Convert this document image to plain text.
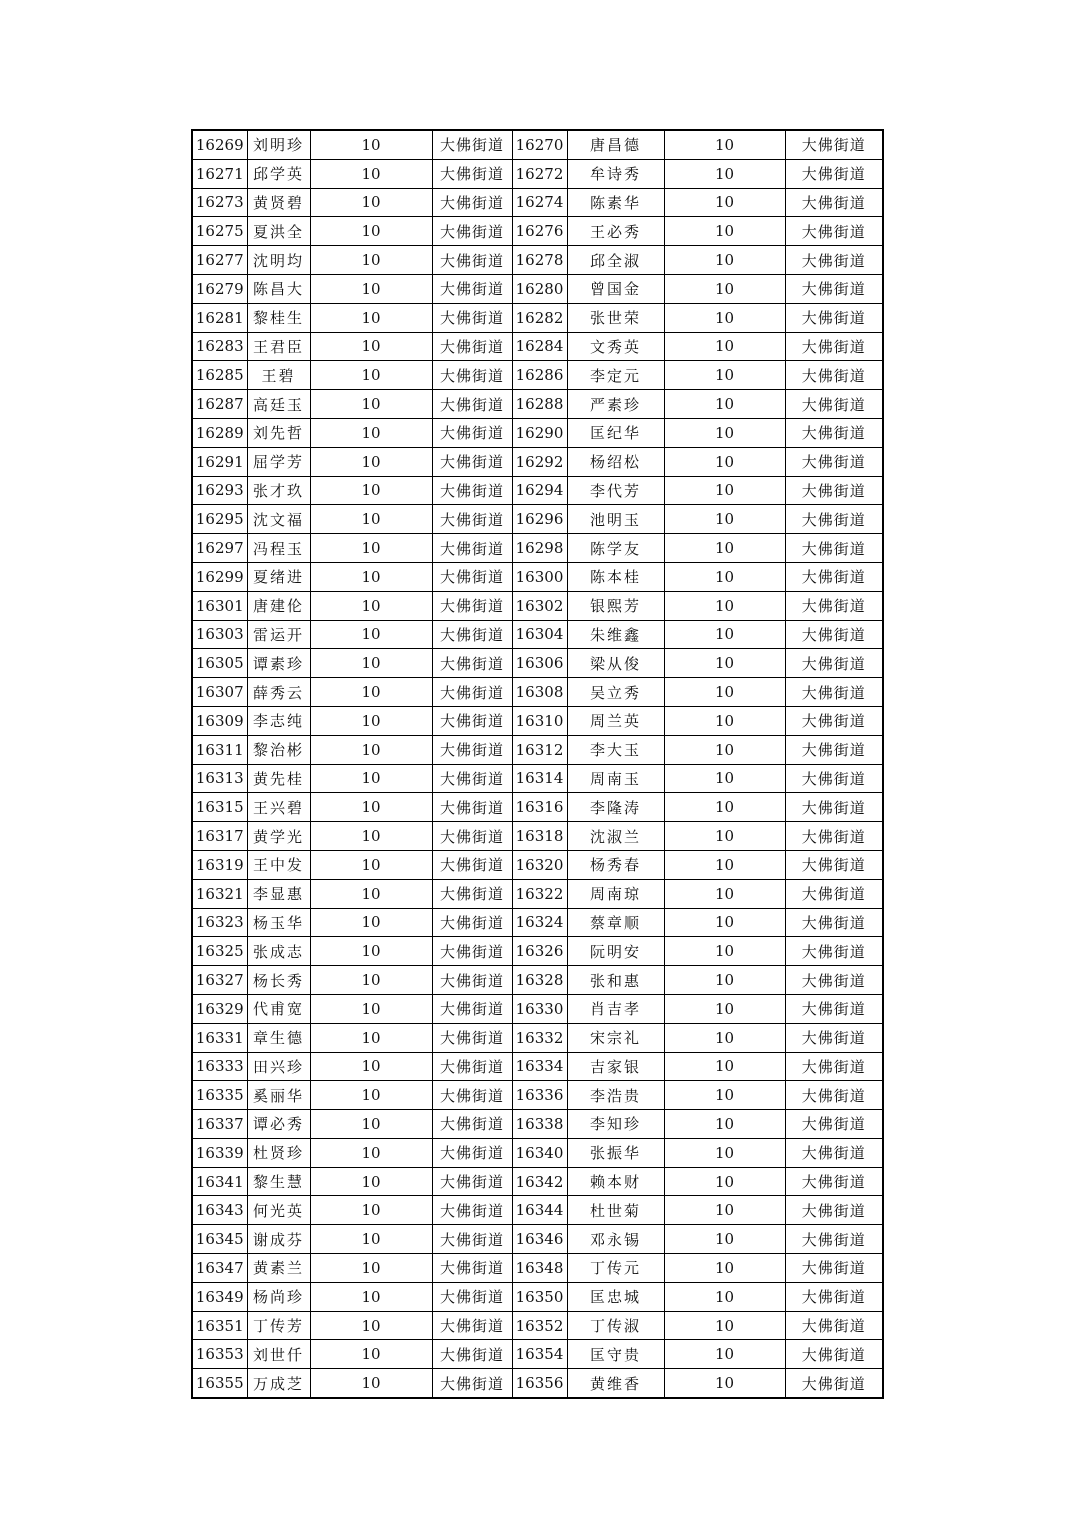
16269	刘明珍	10	大佛街道	16270	唐昌德	10	大佛街道
16271	邱学英	10	大佛街道	16272	牟诗秀	10	大佛街道
16273	黄贤碧	10	大佛街道	16274	陈素华	10	大佛街道
16275	夏洪全	10	大佛街道	16276	王必秀	10	大佛街道
16277	沈明均	10	大佛街道	16278	邱全淑	10	大佛街道
16279	陈昌大	10	大佛街道	16280	曾国金	10	大佛街道
16281	黎桂生	10	大佛街道	16282	张世荣	10	大佛街道
16283	王君臣	10	大佛街道	16284	文秀英	10	大佛街道
16285	王碧	10	大佛街道	16286	李定元	10	大佛街道
16287	高廷玉	10	大佛街道	16288	严素珍	10	大佛街道
16289	刘先哲	10	大佛街道	16290	匡纪华	10	大佛街道
16291	屈学芳	10	大佛街道	16292	杨绍松	10	大佛街道
16293	张才玖	10	大佛街道	16294	李代芳	10	大佛街道
16295	沈文福	10	大佛街道	16296	池明玉	10	大佛街道
16297	冯程玉	10	大佛街道	16298	陈学友	10	大佛街道
16299	夏绪进	10	大佛街道	16300	陈本桂	10	大佛街道
16301	唐建伦	10	大佛街道	16302	银熙芳	10	大佛街道
16303	雷运开	10	大佛街道	16304	朱维鑫	10	大佛街道
16305	谭素珍	10	大佛街道	16306	梁从俊	10	大佛街道
16307	薛秀云	10	大佛街道	16308	吴立秀	10	大佛街道
16309	李志纯	10	大佛街道	16310	周兰英	10	大佛街道
16311	黎治彬	10	大佛街道	16312	李大玉	10	大佛街道
16313	黄先桂	10	大佛街道	16314	周南玉	10	大佛街道
16315	王兴碧	10	大佛街道	16316	李隆涛	10	大佛街道
16317	黄学光	10	大佛街道	16318	沈淑兰	10	大佛街道
16319	王中发	10	大佛街道	16320	杨秀春	10	大佛街道
16321	李显惠	10	大佛街道	16322	周南琼	10	大佛街道
16323	杨玉华	10	大佛街道	16324	蔡章顺	10	大佛街道
16325	张成志	10	大佛街道	16326	阮明安	10	大佛街道
16327	杨长秀	10	大佛街道	16328	张和惠	10	大佛街道
16329	代甫宽	10	大佛街道	16330	肖吉孝	10	大佛街道
16331	章生德	10	大佛街道	16332	宋宗礼	10	大佛街道
16333	田兴珍	10	大佛街道	16334	吉家银	10	大佛街道
16335	奚丽华	10	大佛街道	16336	李浩贵	10	大佛街道
16337	谭必秀	10	大佛街道	16338	李知珍	10	大佛街道
16339	杜贤珍	10	大佛街道	16340	张振华	10	大佛街道
16341	黎生慧	10	大佛街道	16342	赖本财	10	大佛街道
16343	何光英	10	大佛街道	16344	杜世菊	10	大佛街道
16345	谢成芬	10	大佛街道	16346	邓永锡	10	大佛街道
16347	黄素兰	10	大佛街道	16348	丁传元	10	大佛街道
16349	杨尚珍	10	大佛街道	16350	匡忠城	10	大佛街道
16351	丁传芳	10	大佛街道	16352	丁传淑	10	大佛街道
16353	刘世仟	10	大佛街道	16354	匡守贵	10	大佛街道
16355	万成芝	10	大佛街道	16356	黄维香	10	大佛街道
